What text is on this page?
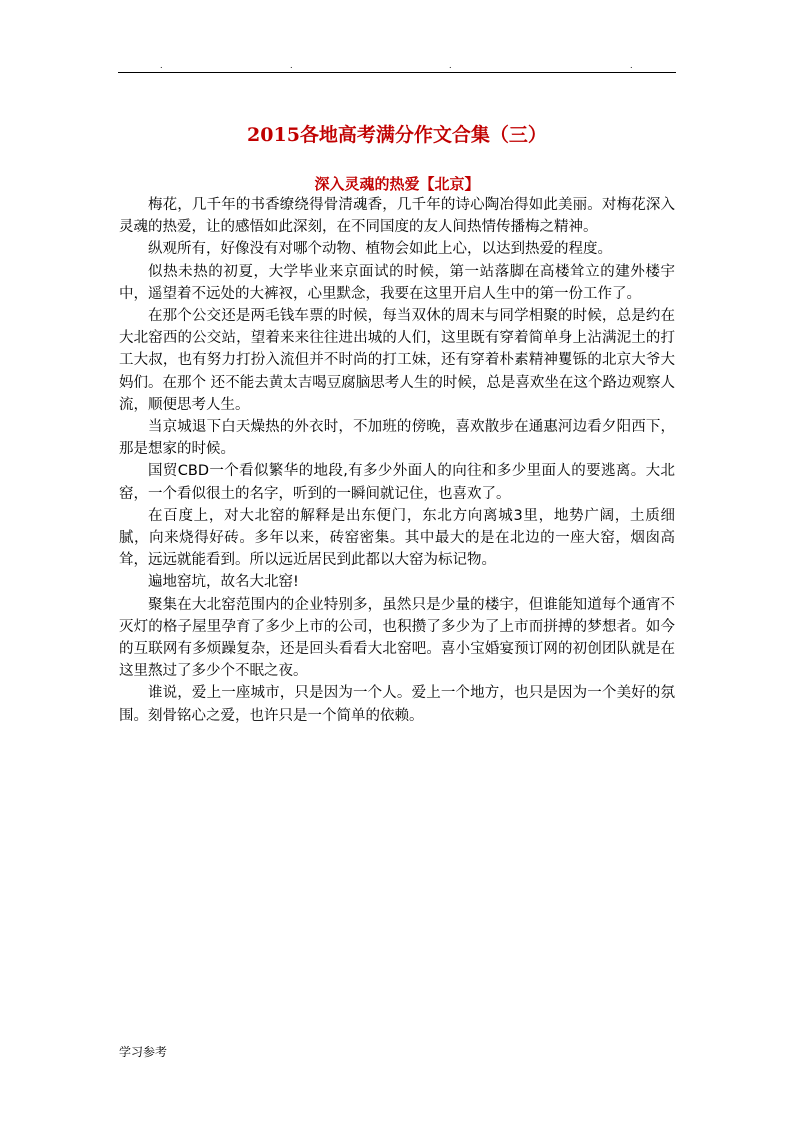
.	.	.	.
2015各地高考满分作文合集（三）
深入灵魂的热爱【北京】

梅花，几千年的书香缭绕得骨清魂香，几千年的诗心陶冶得如此美丽。对梅花深入灵魂的热爱，让的感悟如此深刻，在不同国度的友人间热情传播梅之精神。

纵观所有，好像没有对哪个动物、植物会如此上心，以达到热爱的程度。

似热未热的初夏，大学毕业来京面试的时候，第一站落脚在高楼耸立的建外楼宇中，遥望着不远处的大裤衩，心里默念，我要在这里开启人生中的第一份工作了。

在那个公交还是两毛钱车票的时候，每当双休的周末与同学相聚的时候，总是约在大北窑西的公交站，望着来来往往进出城的人们，这里既有穿着简单身上沾满泥土的打工大叔，也有努力打扮入流但并不时尚的打工妹，还有穿着朴素精神矍铄的北京大爷大妈们。在那个 还不能去黄太吉喝豆腐脑思考人生的时候，总是喜欢坐在这个路边观察人流，顺便思考人生。

当京城退下白天燥热的外衣时，不加班的傍晚，喜欢散步在通惠河边看夕阳西下，那是想家的时候。

国贸CBD一个看似繁华的地段,有多少外面人的向往和多少里面人的要逃离。大北窑，一个看似很土的名字，听到的一瞬间就记住，也喜欢了。

在百度上，对大北窑的解释是出东便门，东北方向离城3里，地势广阔，土质细腻，向来烧得好砖。多年以来，砖窑密集。其中最大的是在北边的一座大窑，烟囱高耸，远远就能看到。所以远近居民到此都以大窑为标记物。

遍地窑坑，故名大北窑!

聚集在大北窑范围内的企业特别多，虽然只是少量的楼宇，但谁能知道每个通宵不灭灯的格子屋里孕育了多少上市的公司，也积攒了多少为了上市而拼搏的梦想者。如今的互联网有多烦躁复杂，还是回头看看大北窑吧。喜小宝婚宴预订网的初创团队就是在这里熬过了多少个不眠之夜。

谁说，爱上一座城市，只是因为一个人。爱上一个地方，也只是因为一个美好的氛围。刻骨铭心之爱，也许只是一个简单的依赖。

学习参考
